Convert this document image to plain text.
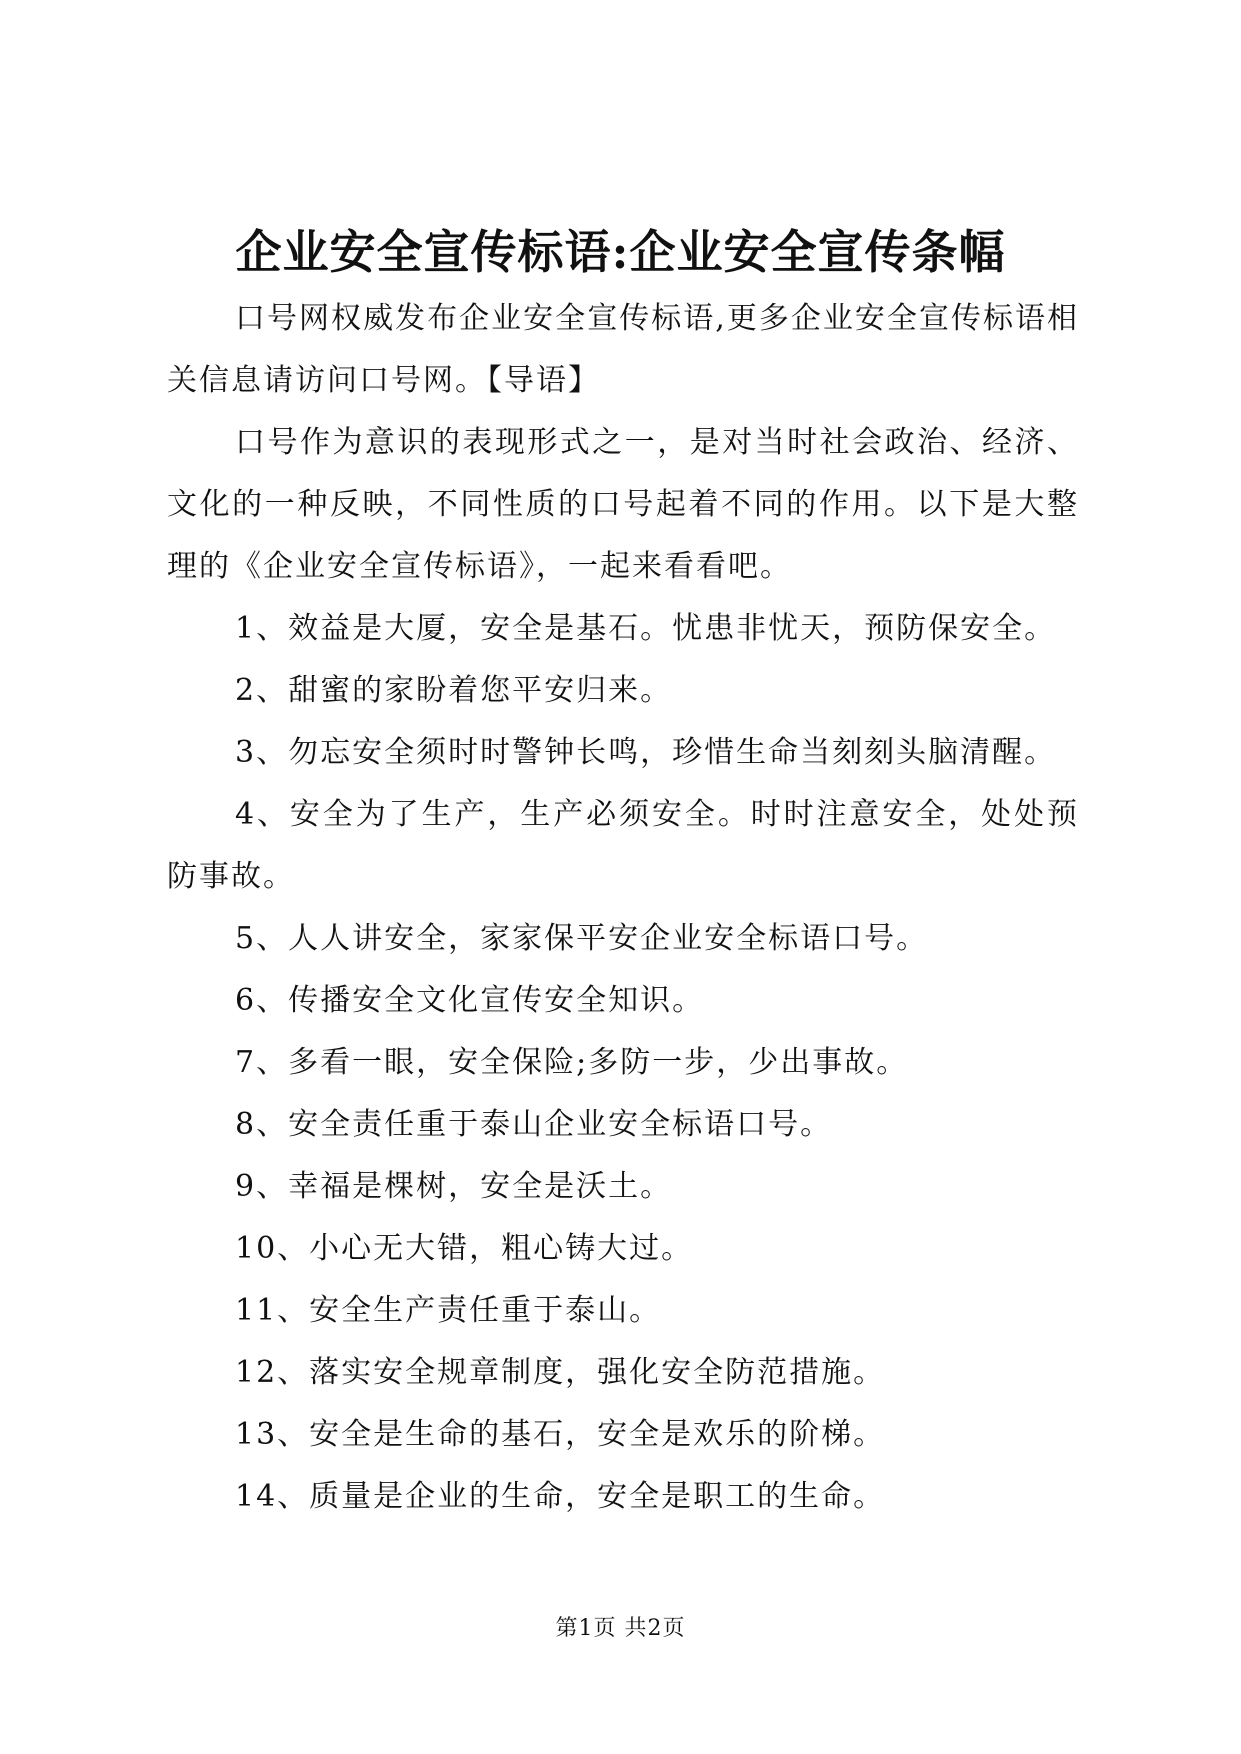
企业安全宣传标语:企业安全宣传条幅

口号网权威发布企业安全宣传标语,更多企业安全宣传标语相关信息请访问口号网。【导语】

口号作为意识的表现形式之一，是对当时社会政治、经济、文化的一种反映，不同性质的口号起着不同的作用。以下是大整理的《企业安全宣传标语》，一起来看看吧。

1、效益是大厦，安全是基石。忧患非忧天，预防保安全。
2、甜蜜的家盼着您平安归来。
3、勿忘安全须时时警钟长鸣，珍惜生命当刻刻头脑清醒。
4、安全为了生产，生产必须安全。时时注意安全，处处预防事故。
5、人人讲安全，家家保平安企业安全标语口号。
6、传播安全文化宣传安全知识。
7、多看一眼，安全保险;多防一步，少出事故。
8、安全责任重于泰山企业安全标语口号。
9、幸福是棵树，安全是沃土。
10、小心无大错，粗心铸大过。
11、安全生产责任重于泰山。
12、落实安全规章制度，强化安全防范措施。
13、安全是生命的基石，安全是欢乐的阶梯。
14、质量是企业的生命，安全是职工的生命。
第1页 共2页
